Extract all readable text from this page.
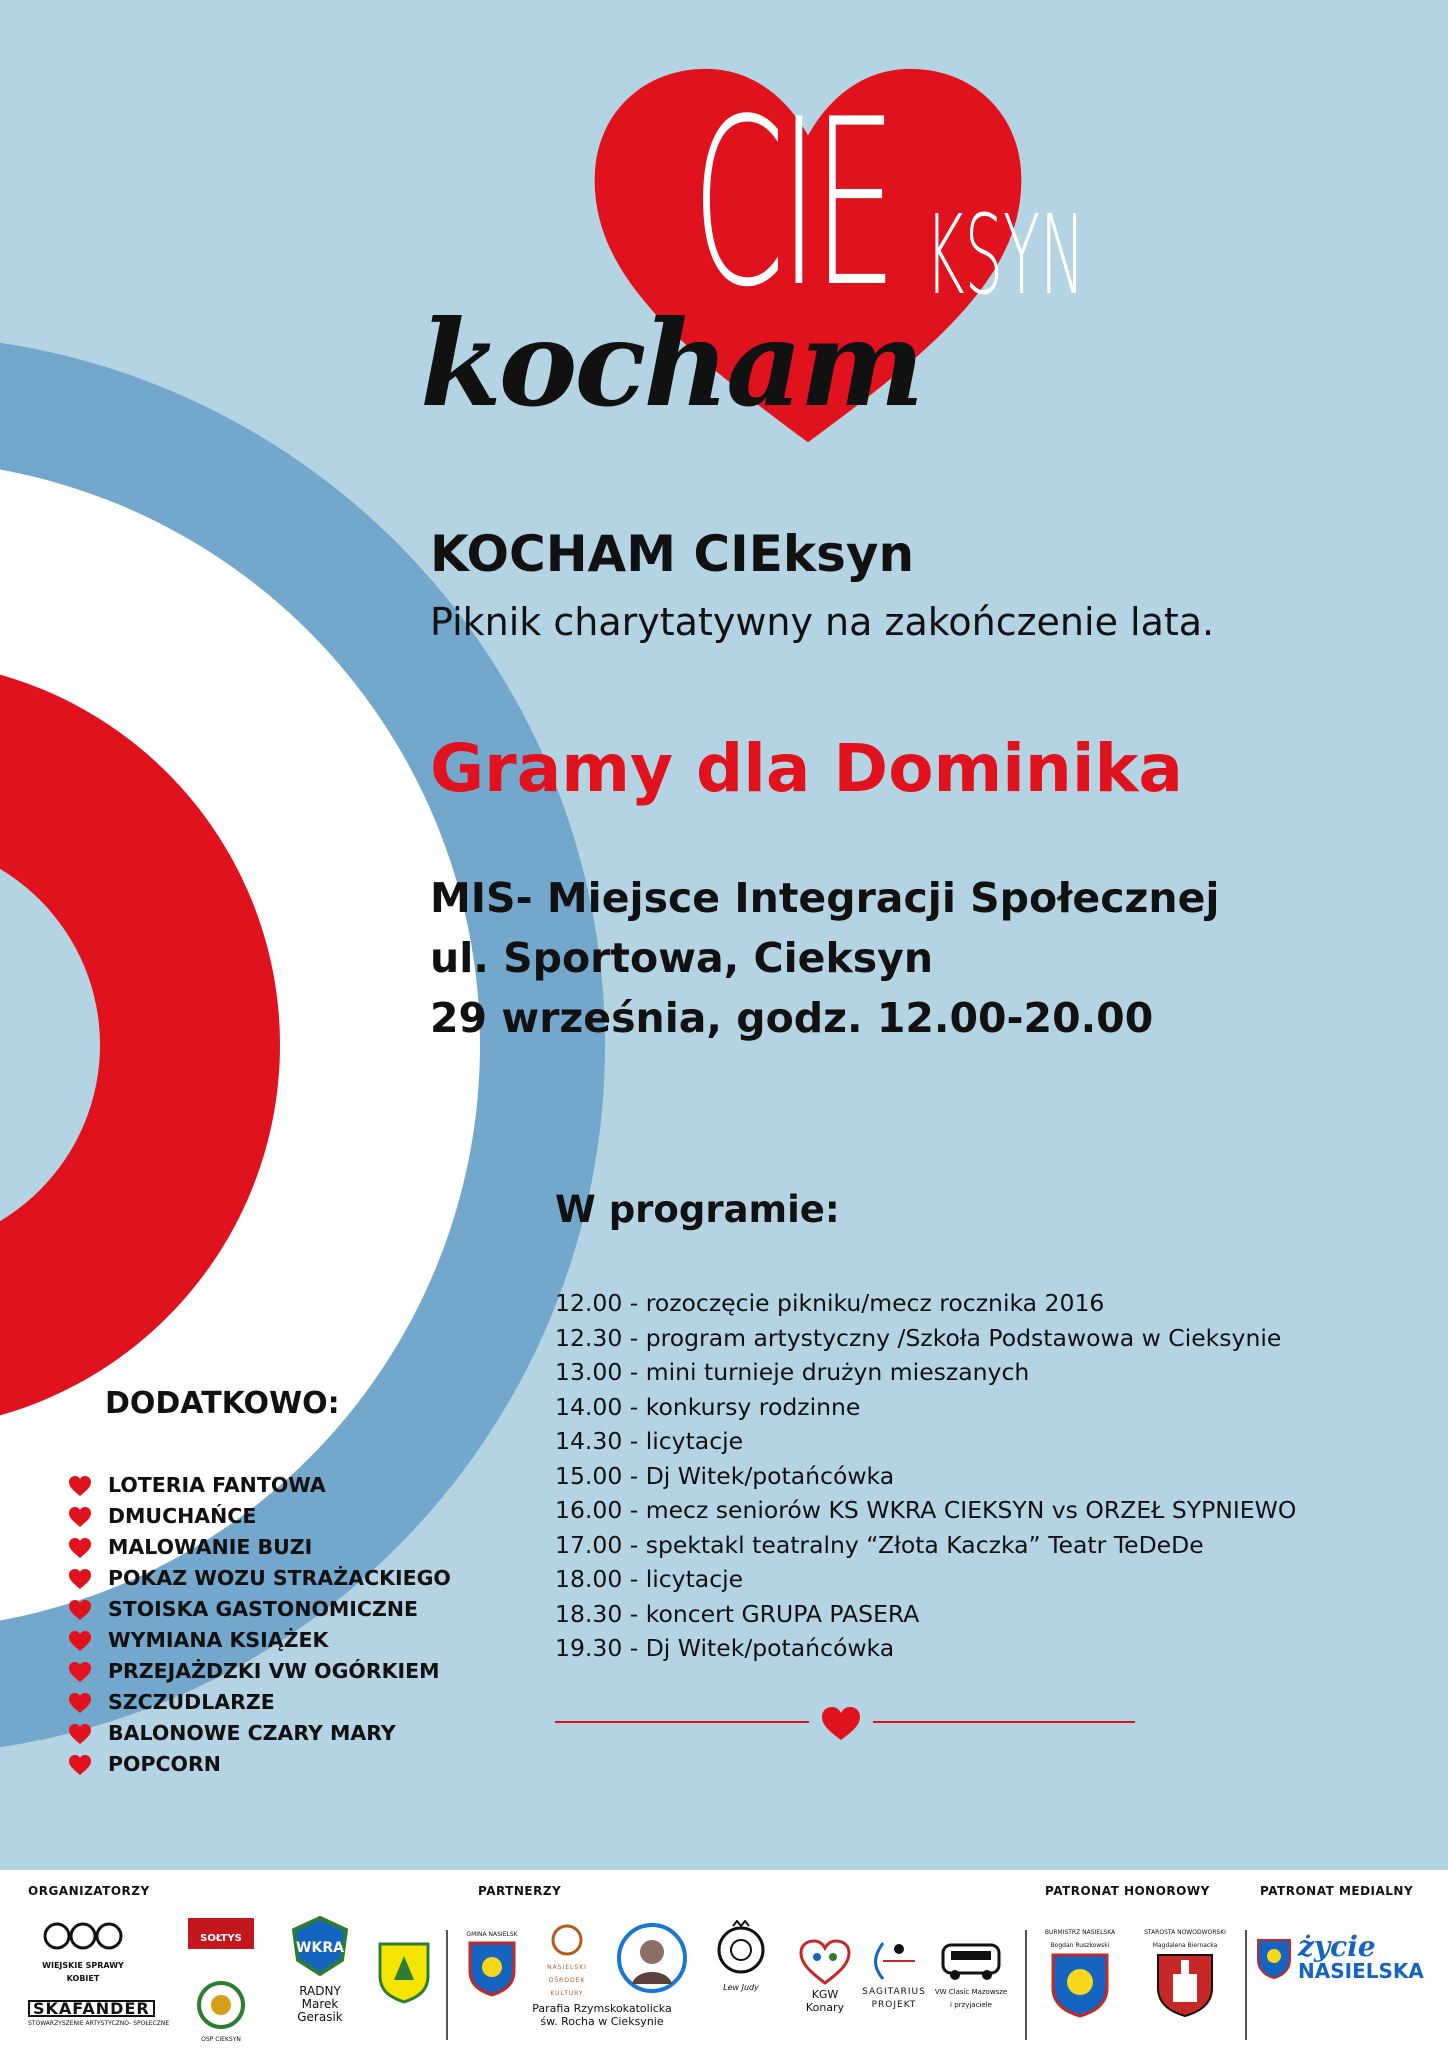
CIE KSYN
kocham
KOCHAM CIEksyn
Piknik charytatywny na zakończenie lata.
Gramy dla Dominika
MIS- Miejsce Integracji Społecznej
ul. Sportowa, Cieksyn
29 września, godz. 12.00-20.00
W programie:
12.00 - rozoczęcie pikniku/mecz rocznika 2016
12.30 - program artystyczny /Szkoła Podstawowa w Cieksynie
13.00 - mini turnieje drużyn mieszanych
14.00 - konkursy rodzinne
14.30 - licytacje
15.00 - Dj Witek/potańcówka
16.00 - mecz seniorów KS WKRA CIEKSYN vs ORZEŁ SYPNIEWO
17.00 - spektakl teatralny “Złota Kaczka” Teatr TeDeDe
18.00 - licytacje
18.30 - koncert GRUPA PASERA
19.30 - Dj Witek/potańcówka
DODATKOWO:
LOTERIA FANTOWA
DMUCHAŃCE
MALOWANIE BUZI
POKAZ WOZU STRAŻACKIEGO
STOISKA GASTONOMICZNE
WYMIANA KSIĄŻEK
PRZEJAŻDZKI VW OGÓRKIEM
SZCZUDLARZE
BALONOWE CZARY MARY
POPCORN
ORGANIZATORZY	PARTNERZY	PATRONAT HONOROWY	PATRONAT MEDIALNY
WIEJSKIE SPRAWY KOBIET
SKAFANDER
STOWARZYSZENIE ARTYSTYCZNO- SPOŁECZNE
SOŁTYS
OSP CIEKSYN
WKRA
RADNY
Marek Gerasik
GMINA NASIELSK
NASIELSKI OŚRODEK KULTURY
Parafia Rzymskokatolicka
św. Rocha w Cieksynie
Lew Judy

KGW
Konary

SAGITARIUS
PROJEKT

VW Clasic Mazowsze
i przyjaciele

BURMISTRZ NASIELSKA
Bogdan Ruszkowski
STAROSTA NOWODWORSKI
Magdalena Biernacka	życie
NASIELSKA
